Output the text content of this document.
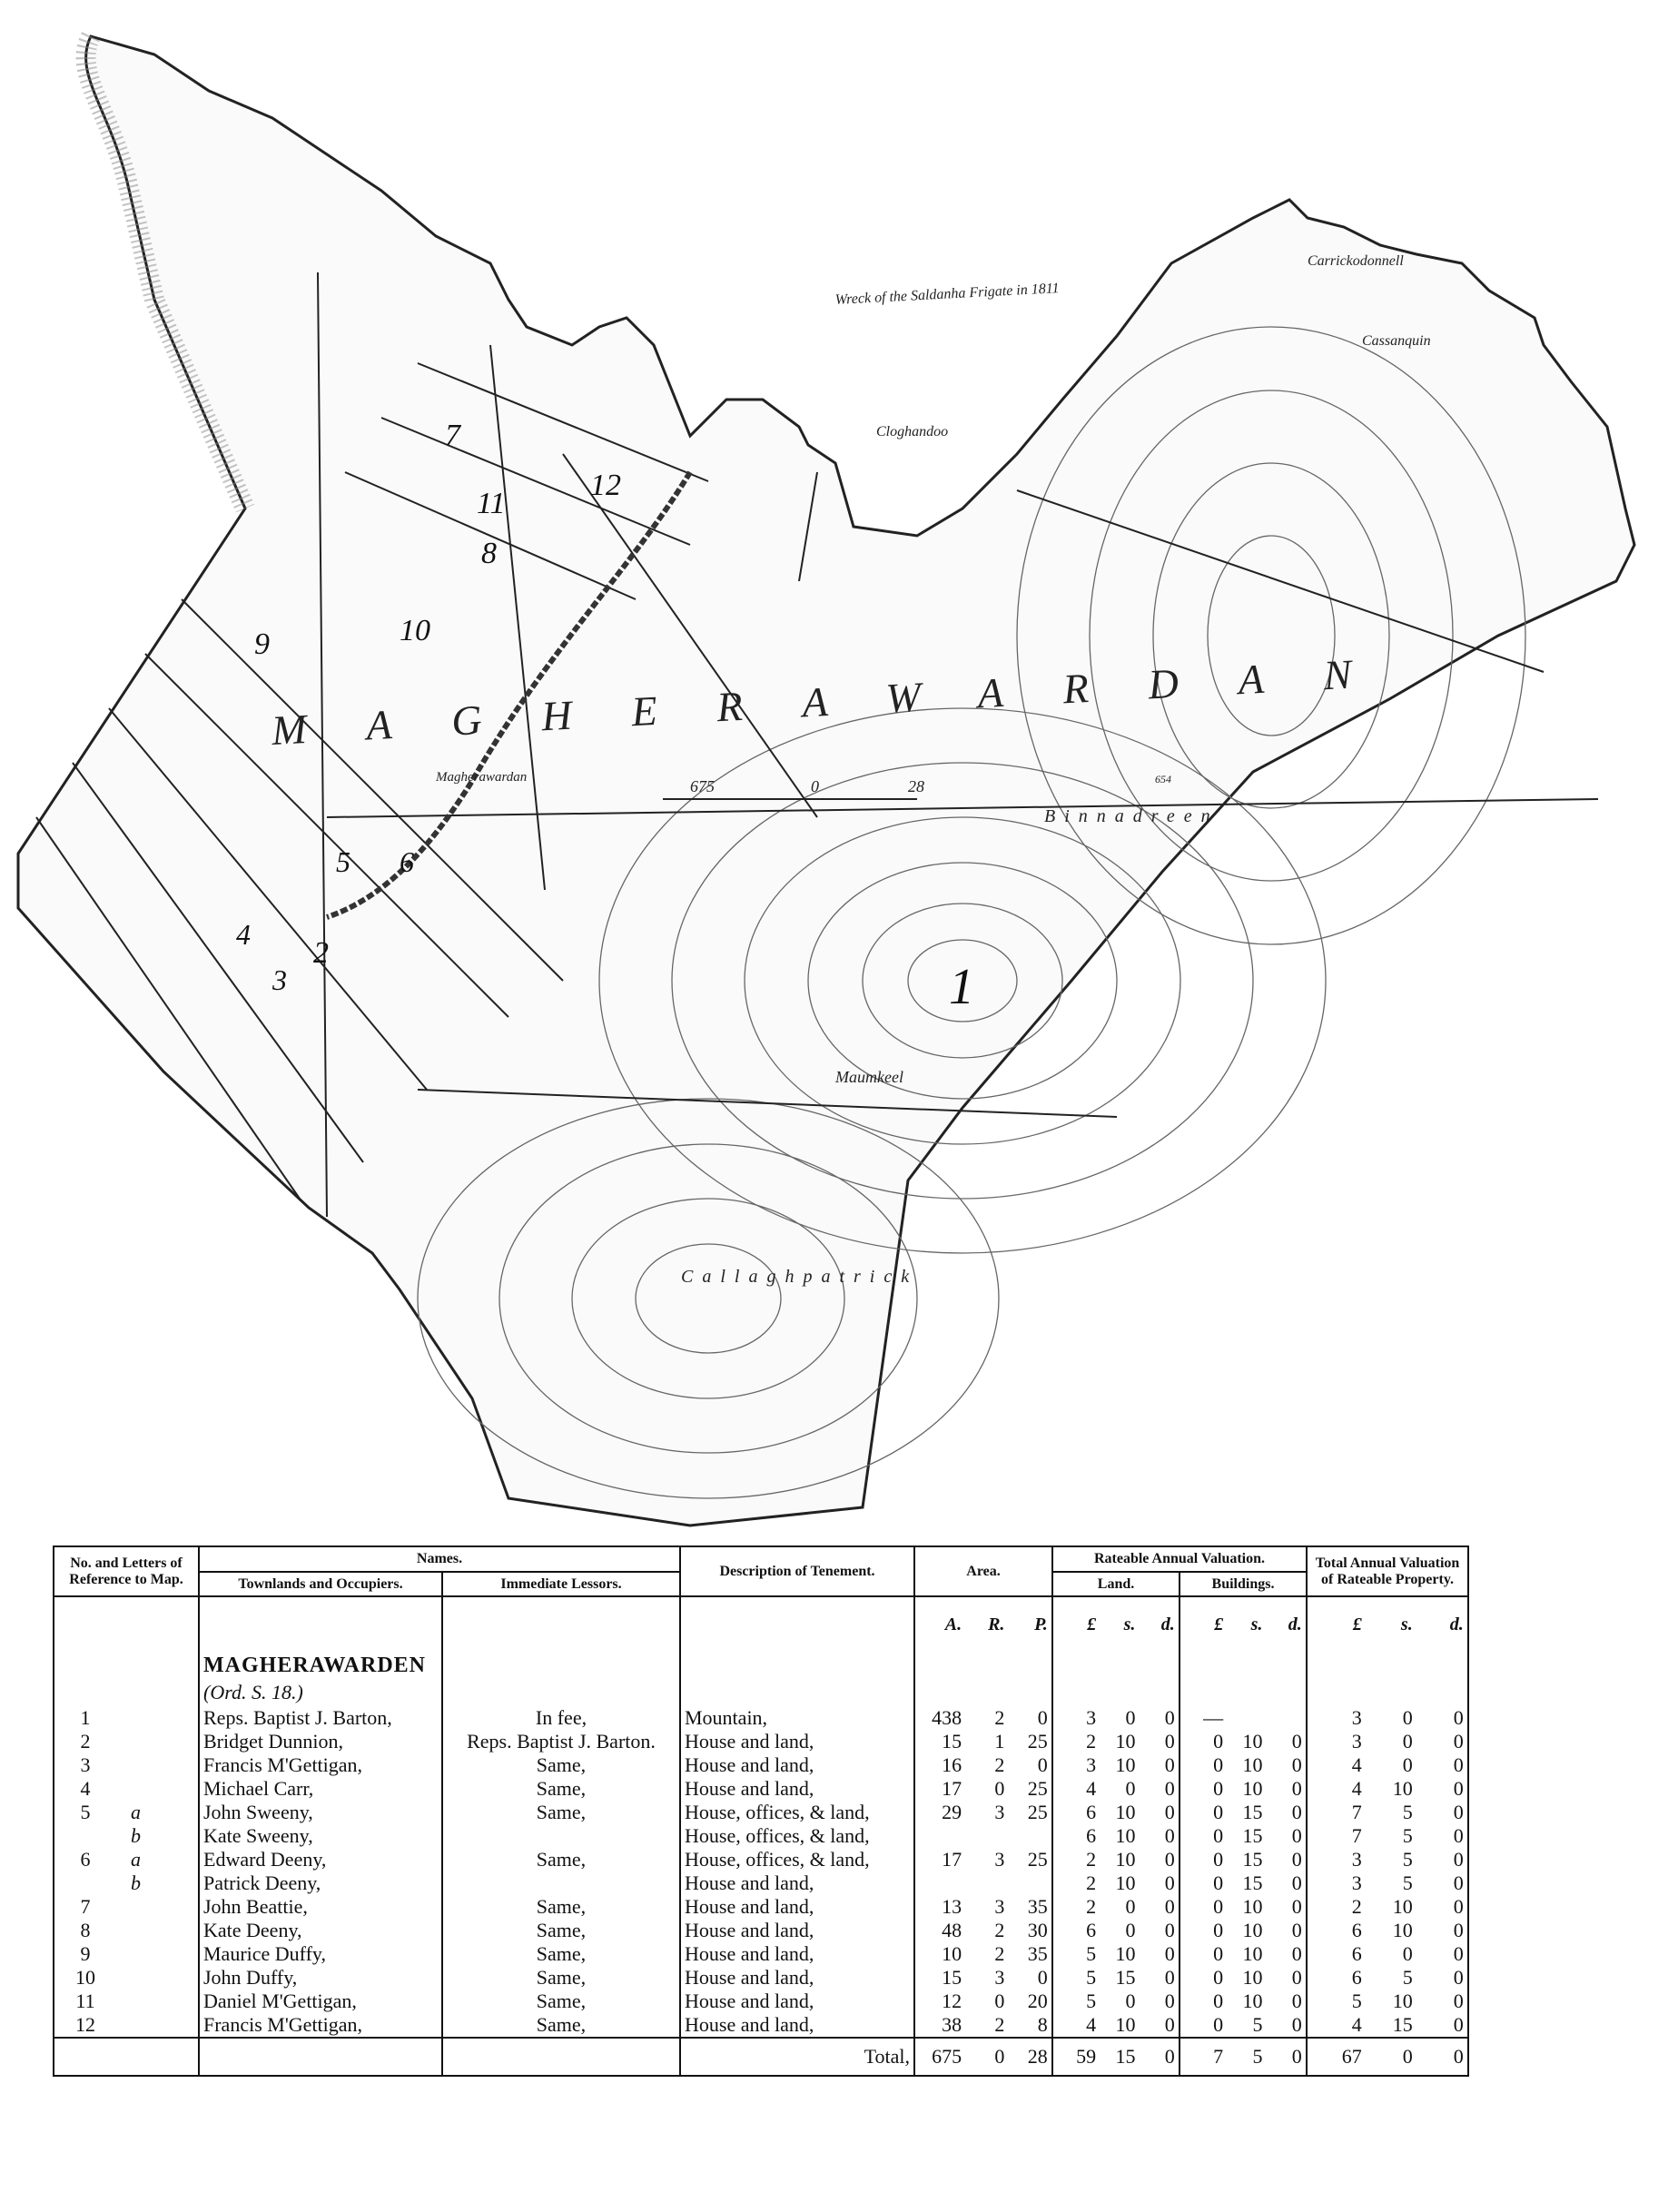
MAGHERAWARDAN
Carrickodonnell
Wreck of the Saldanha Frigate in 1811
Cassanquin
Cloghandoo
Magherawardan
Binnadreen
Maumkeel
Callaghpatrick
675	0	28	654
1
2
3
4
5 6
7
8
9	10
11
12
No. and Letters of Reference to Map.	Names.		Description of Tenement.	Area.	Rateable Annual Valuation.		Total Annual Valuation of Rateable Property.
	Townlands and Occupiers.	Immediate Lessors.			Land.	Buildings.	

				A. R. P.	£ s. d.	£ s. d.	£ s. d.

	MAGHERAWARDEN						
	(Ord. S. 18.)						
1	Reps. Baptist J. Barton,	In fee,	Mountain,	438 2 0	3 0 0	—	3 0 0

2	Bridget Dunnion,	Reps. Baptist J. Barton.	House and land,	15 1 25	2 10 0	0 10 0	3 0 0

3	Francis M'Gettigan,	Same,	House and land,	16 2 0	3 10 0	0 10 0	4 0 0

4	Michael Carr,	Same,	House and land,	17 0 25	4 0 0	0 10 0	4 10 0

5 a	John Sweeny,	Same,	House, offices, & land,	29 3 25	6 10 0	0 15 0	7 5 0

b	Kate Sweeny,		House, offices, & land,		6 10 0	0 15 0	7 5 0

6 a	Edward Deeny,	Same,	House, offices, & land,	17 3 25	2 10 0	0 15 0	3 5 0

b	Patrick Deeny,		House and land,		2 10 0	0 15 0	3 5 0

7	John Beattie,	Same,	House and land,	13 3 35	2 0 0	0 10 0	2 10 0

8	Kate Deeny,	Same,	House and land,	48 2 30	6 0 0	0 10 0	6 10 0

9	Maurice Duffy,	Same,	House and land,	10 2 35	5 10 0	0 10 0	6 0 0

10	John Duffy,	Same,	House and land,	15 3 0	5 15 0	0 10 0	6 5 0

11	Daniel M'Gettigan,	Same,	House and land,	12 0 20	5 0 0	0 10 0	5 10 0

12	Francis M'Gettigan,	Same,	House and land,	38 2 8	4 10 0	0 5 0	4 15 0

			Total,	675 0 28	59 15 0	7 5 0	67 0 0
